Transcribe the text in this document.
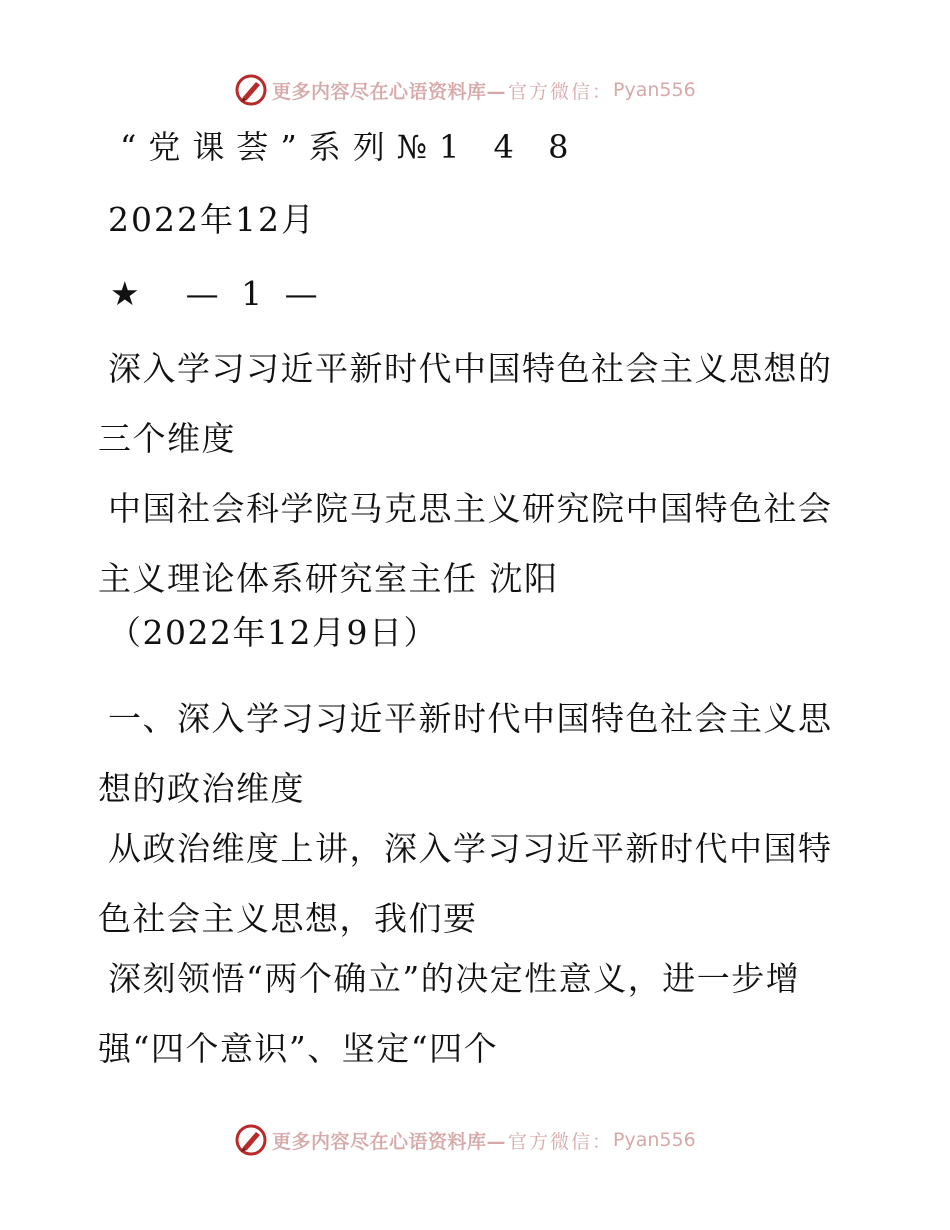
更多内容尽在心语资料库— 官方微信： Pyan556
“党课荟”系列№1 4 8
2022年12月
★ — 1 —
深入学习习近平新时代中国特色社会主义思想的
三个维度
中国社会科学院马克思主义研究院中国特色社会
主义理论体系研究室主任 沈阳
（2022年12月9日）
一、深入学习习近平新时代中国特色社会主义思
想的政治维度
从政治维度上讲，深入学习习近平新时代中国特
色社会主义思想，我们要
深刻领悟“两个确立”的决定性意义，进一步增
强“四个意识”、坚定“四个
更多内容尽在心语资料库— 官方微信： Pyan556
